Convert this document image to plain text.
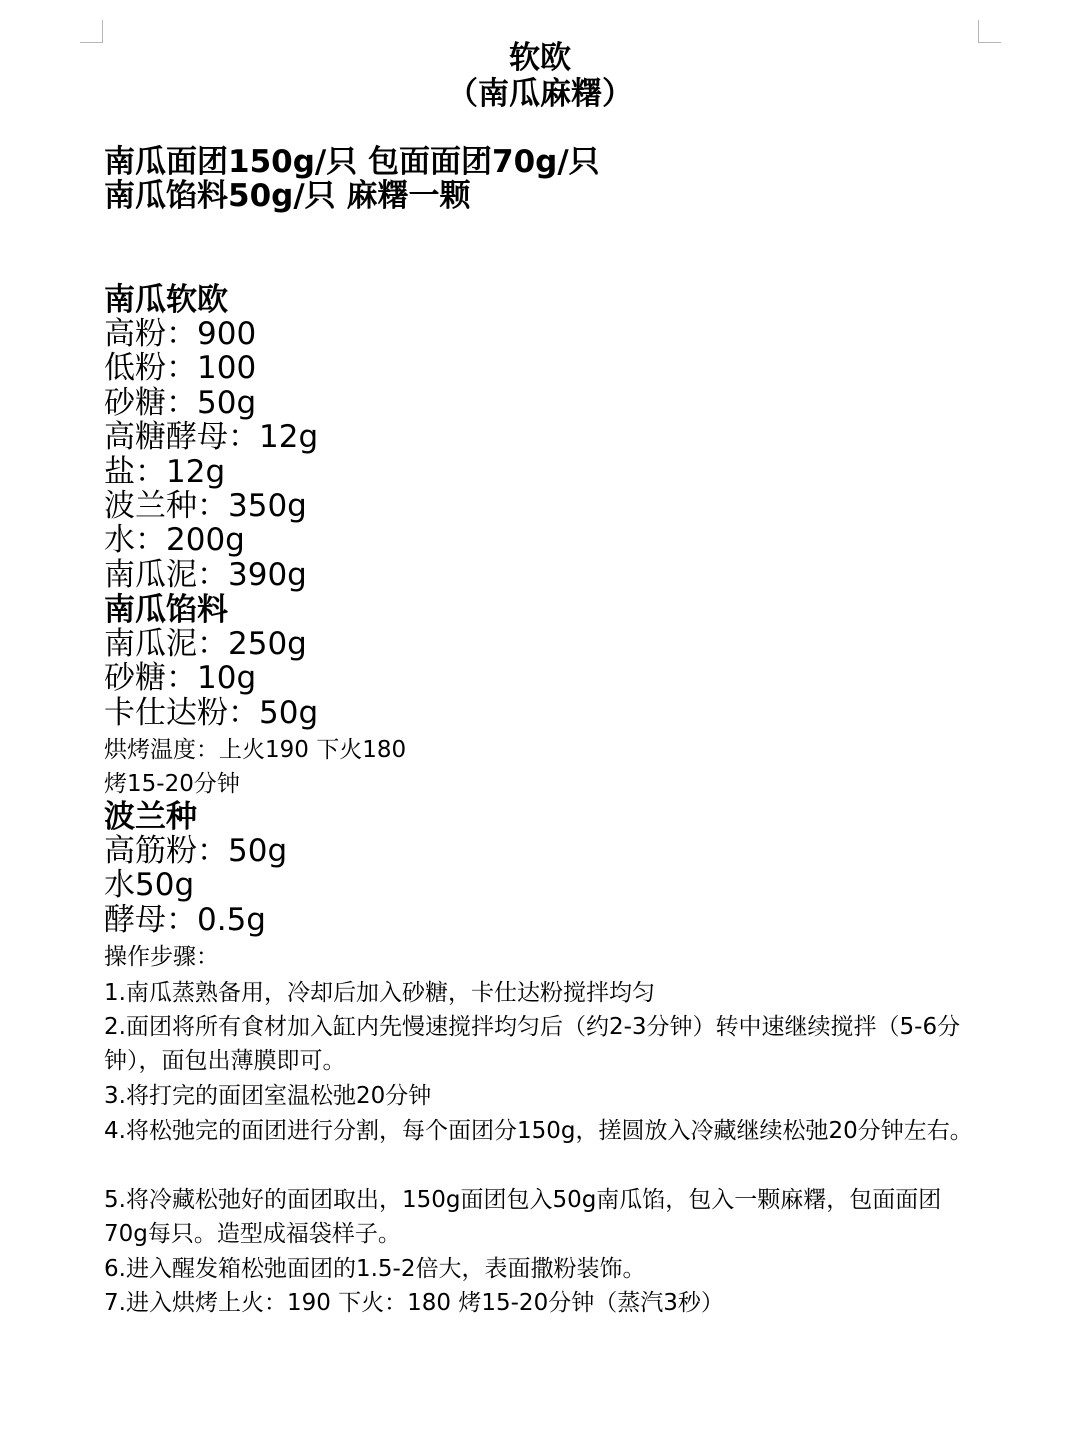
软欧
（南瓜麻糬）
南瓜面团150g/只 包面面团70g/只
南瓜馅料50g/只 麻糬一颗
南瓜软欧
高粉：900
低粉：100
砂糖：50g
高糖酵母：12g
盐：12g
波兰种：350g
水：200g
南瓜泥：390g
南瓜馅料
南瓜泥：250g
砂糖：10g
卡仕达粉：50g
烘烤温度：上火190 下火180
烤15-20分钟
波兰种
高筋粉：50g
水50g
酵母：0.5g
操作步骤：
1.南瓜蒸熟备用，冷却后加入砂糖，卡仕达粉搅拌均匀
2.面团将所有食材加入缸内先慢速搅拌均匀后（约2-3分钟）转中速继续搅拌（5-6分钟），面包出薄膜即可。
3.将打完的面团室温松弛20分钟
4.将松弛完的面团进行分割，每个面团分150g，搓圆放入冷藏继续松弛20分钟左右。
5.将冷藏松弛好的面团取出，150g面团包入50g南瓜馅，包入一颗麻糬，包面面团70g每只。造型成福袋样子。
6.进入醒发箱松弛面团的1.5-2倍大，表面撒粉装饰。
7.进入烘烤上火：190 下火：180 烤15-20分钟（蒸汽3秒）
